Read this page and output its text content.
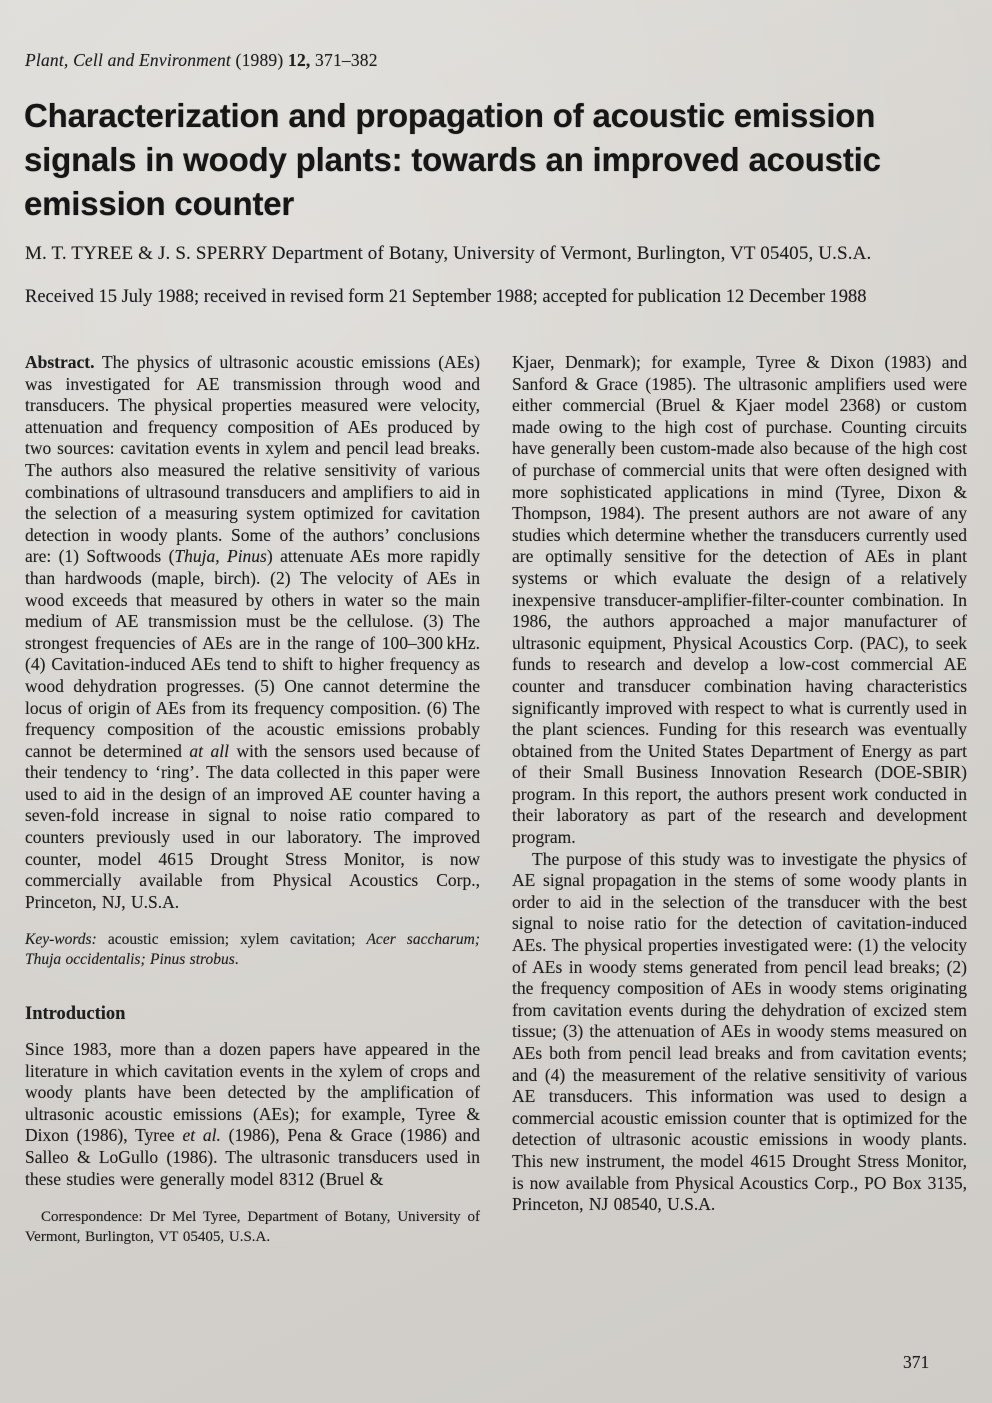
Plant, Cell and Environment (1989) 12, 371–382
Characterization and propagation of acoustic emission signals in woody plants: towards an improved acoustic emission counter
M. T. TYREE & J. S. SPERRY Department of Botany, University of Vermont, Burlington, VT 05405, U.S.A.
Received 15 July 1988; received in revised form 21 September 1988; accepted for publication 12 December 1988

Abstract. The physics of ultrasonic acoustic emissions (AEs) was investigated for AE transmission through wood and transducers. The physical properties measured were velocity, attenuation and frequency composition of AEs produced by two sources: cavitation events in xylem and pencil lead breaks. The authors also measured the relative sensitivity of various combinations of ultrasound transducers and amplifiers to aid in the selection of a measuring system optimized for cavitation detection in woody plants. Some of the authors’ conclusions are: (1) Softwoods (Thuja, Pinus) attenuate AEs more rapidly than hardwoods (maple, birch). (2) The velocity of AEs in wood exceeds that measured by others in water so the main medium of AE transmission must be the cellulose. (3) The strongest frequencies of AEs are in the range of 100–300 kHz. (4) Cavitation-induced AEs tend to shift to higher frequency as wood dehydration progresses. (5) One cannot determine the locus of origin of AEs from its frequency composition. (6) The frequency composition of the acoustic emissions probably cannot be determined at all with the sensors used because of their tendency to ‘ring’. The data collected in this paper were used to aid in the design of an improved AE counter having a seven-fold increase in signal to noise ratio compared to counters previously used in our laboratory. The improved counter, model 4615 Drought Stress Monitor, is now commercially available from Physical Acoustics Corp., Princeton, NJ, U.S.A.

Key-words: acoustic emission; xylem cavitation; Acer saccharum; Thuja occidentalis; Pinus strobus.
Introduction

Since 1983, more than a dozen papers have appeared in the literature in which cavitation events in the xylem of crops and woody plants have been detected by the amplification of ultrasonic acoustic emissions (AEs); for example, Tyree & Dixon (1986), Tyree et al. (1986), Pena & Grace (1986) and Salleo & LoGullo (1986). The ultrasonic transducers used in these studies were generally model 8312 (Bruel &

Correspondence: Dr Mel Tyree, Department of Botany, University of Vermont, Burlington, VT 05405, U.S.A.

Kjaer, Denmark); for example, Tyree & Dixon (1983) and Sanford & Grace (1985). The ultrasonic amplifiers used were either commercial (Bruel & Kjaer model 2368) or custom made owing to the high cost of purchase. Counting circuits have generally been custom-made also because of the high cost of purchase of commercial units that were often designed with more sophisticated applications in mind (Tyree, Dixon & Thompson, 1984). The present authors are not aware of any studies which determine whether the transducers currently used are optimally sensitive for the detection of AEs in plant systems or which evaluate the design of a relatively inexpensive transducer-amplifier-filter-counter combination. In 1986, the authors approached a major manufacturer of ultrasonic equipment, Physical Acoustics Corp. (PAC), to seek funds to research and develop a low-cost commercial AE counter and transducer combination having characteristics significantly improved with respect to what is currently used in the plant sciences. Funding for this research was eventually obtained from the United States Department of Energy as part of their Small Business Innovation Research (DOE-SBIR) program. In this report, the authors present work conducted in their laboratory as part of the research and development program.

The purpose of this study was to investigate the physics of AE signal propagation in the stems of some woody plants in order to aid in the selection of the transducer with the best signal to noise ratio for the detection of cavitation-induced AEs. The physical properties investigated were: (1) the velocity of AEs in woody stems generated from pencil lead breaks; (2) the frequency composition of AEs in woody stems originating from cavitation events during the dehydration of excized stem tissue; (3) the attenuation of AEs in woody stems measured on AEs both from pencil lead breaks and from cavitation events; and (4) the measurement of the relative sensitivity of various AE transducers. This information was used to design a commercial acoustic emission counter that is optimized for the detection of ultrasonic acoustic emissions in woody plants. This new instrument, the model 4615 Drought Stress Monitor, is now available from Physical Acoustics Corp., PO Box 3135, Princeton, NJ 08540, U.S.A.

371
